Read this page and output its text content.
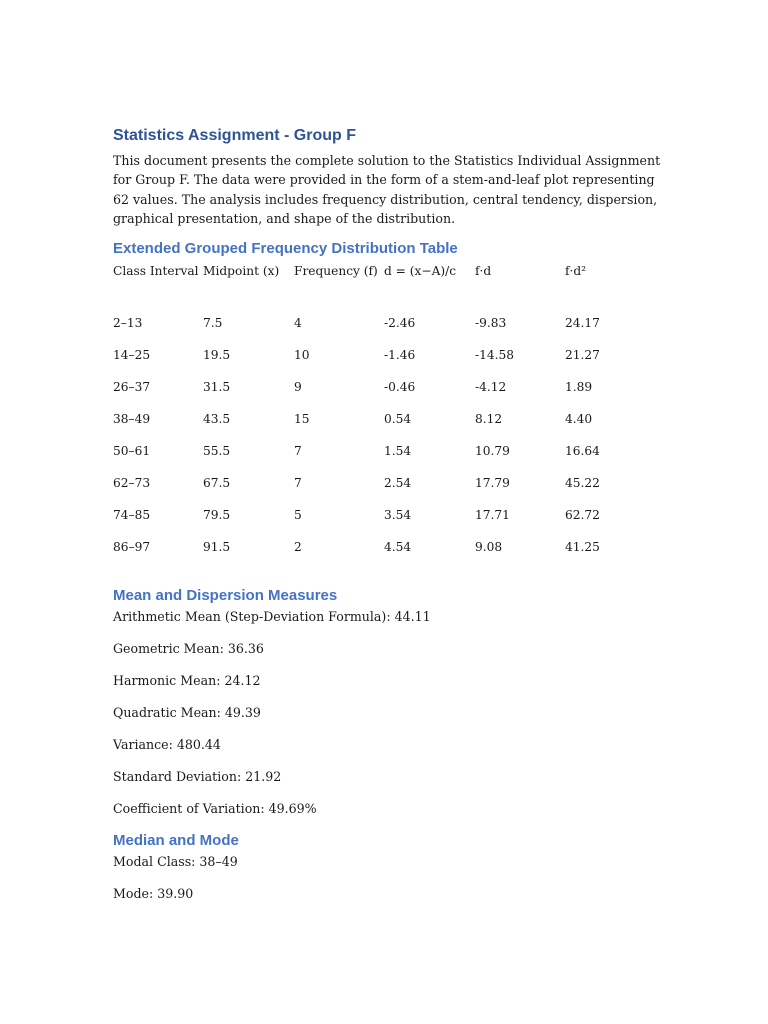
Statistics Assignment - Group F

This document presents the complete solution to the Statistics Individual Assignment for Group F. The data were provided in the form of a stem-and-leaf plot representing 62 values. The analysis includes frequency distribution, central tendency, dispersion, graphical presentation, and shape of the distribution.

Extended Grouped Frequency Distribution Table
Class Interval	Midpoint (x)	Frequency (f)	d = (x−A)/c	f·d	f·d²
2–13	7.5	4	-2.46	-9.83	24.17
14–25	19.5	10	-1.46	-14.58	21.27
26–37	31.5	9	-0.46	-4.12	1.89
38–49	43.5	15	0.54	8.12	4.40
50–61	55.5	7	1.54	10.79	16.64
62–73	67.5	7	2.54	17.79	45.22
74–85	79.5	5	3.54	17.71	62.72
86–97	91.5	2	4.54	9.08	41.25
Mean and Dispersion Measures

Arithmetic Mean (Step-Deviation Formula): 44.11

Geometric Mean: 36.36

Harmonic Mean: 24.12

Quadratic Mean: 49.39

Variance: 480.44

Standard Deviation: 21.92

Coefficient of Variation: 49.69%

Median and Mode

Modal Class: 38–49

Mode: 39.90
